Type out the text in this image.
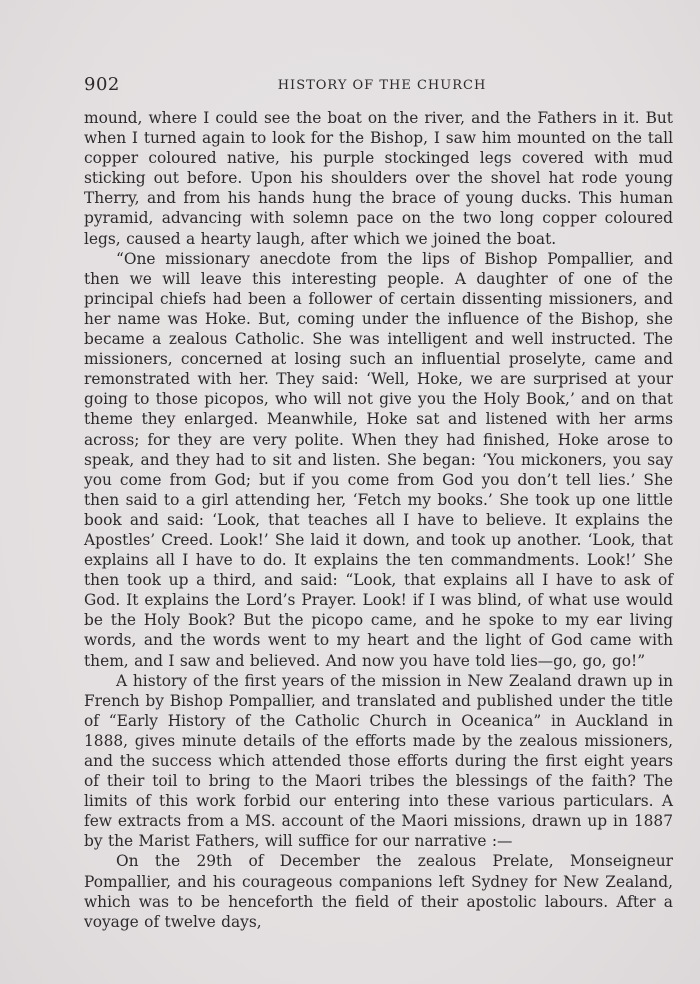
902	HISTORY OF THE CHURCH

mound, where I could see the boat on the river, and the Fathers in it. But when I turned again to look for the Bishop, I saw him mounted on the tall copper coloured native, his purple stockinged legs covered with mud sticking out before. Upon his shoulders over the shovel hat rode young Therry, and from his hands hung the brace of young ducks. This human pyramid, advancing with solemn pace on the two long copper coloured legs, caused a hearty laugh, after which we joined the boat.

“One missionary anecdote from the lips of Bishop Pompallier, and then we will leave this interesting people. A daughter of one of the principal chiefs had been a follower of certain dissenting missioners, and her name was Hoke. But, coming under the influence of the Bishop, she became a zealous Catholic. She was intelligent and well instructed. The missioners, concerned at losing such an influential proselyte, came and remonstrated with her. They said: ‘Well, Hoke, we are surprised at your going to those picopos, who will not give you the Holy Book,’ and on that theme they enlarged. Meanwhile, Hoke sat and listened with her arms across; for they are very polite. When they had finished, Hoke arose to speak, and they had to sit and listen. She began: ‘You mickoners, you say you come from God; but if you come from God you don’t tell lies.’ She then said to a girl attending her, ‘Fetch my books.’ She took up one little book and said: ‘Look, that teaches all I have to believe. It explains the Apostles’ Creed. Look!’ She laid it down, and took up another. ‘Look, that explains all I have to do. It explains the ten commandments. Look!’ She then took up a third, and said: “Look, that explains all I have to ask of God. It explains the Lord’s Prayer. Look! if I was blind, of what use would be the Holy Book? But the picopo came, and he spoke to my ear living words, and the words went to my heart and the light of God came with them, and I saw and believed. And now you have told lies—go, go, go!”

A history of the first years of the mission in New Zealand drawn up in French by Bishop Pompallier, and translated and published under the title of “Early History of the Catholic Church in Oceanica” in Auckland in 1888, gives minute details of the efforts made by the zealous missioners, and the success which attended those efforts during the first eight years of their toil to bring to the Maori tribes the blessings of the faith? The limits of this work forbid our entering into these various particulars. A few extracts from a MS. account of the Maori missions, drawn up in 1887 by the Marist Fathers, will suffice for our narrative :—

On the 29th of December the zealous Prelate, Monseigneur Pompallier, and his courageous companions left Sydney for New Zealand, which was to be henceforth the field of their apostolic labours. After a voyage of twelve days,
